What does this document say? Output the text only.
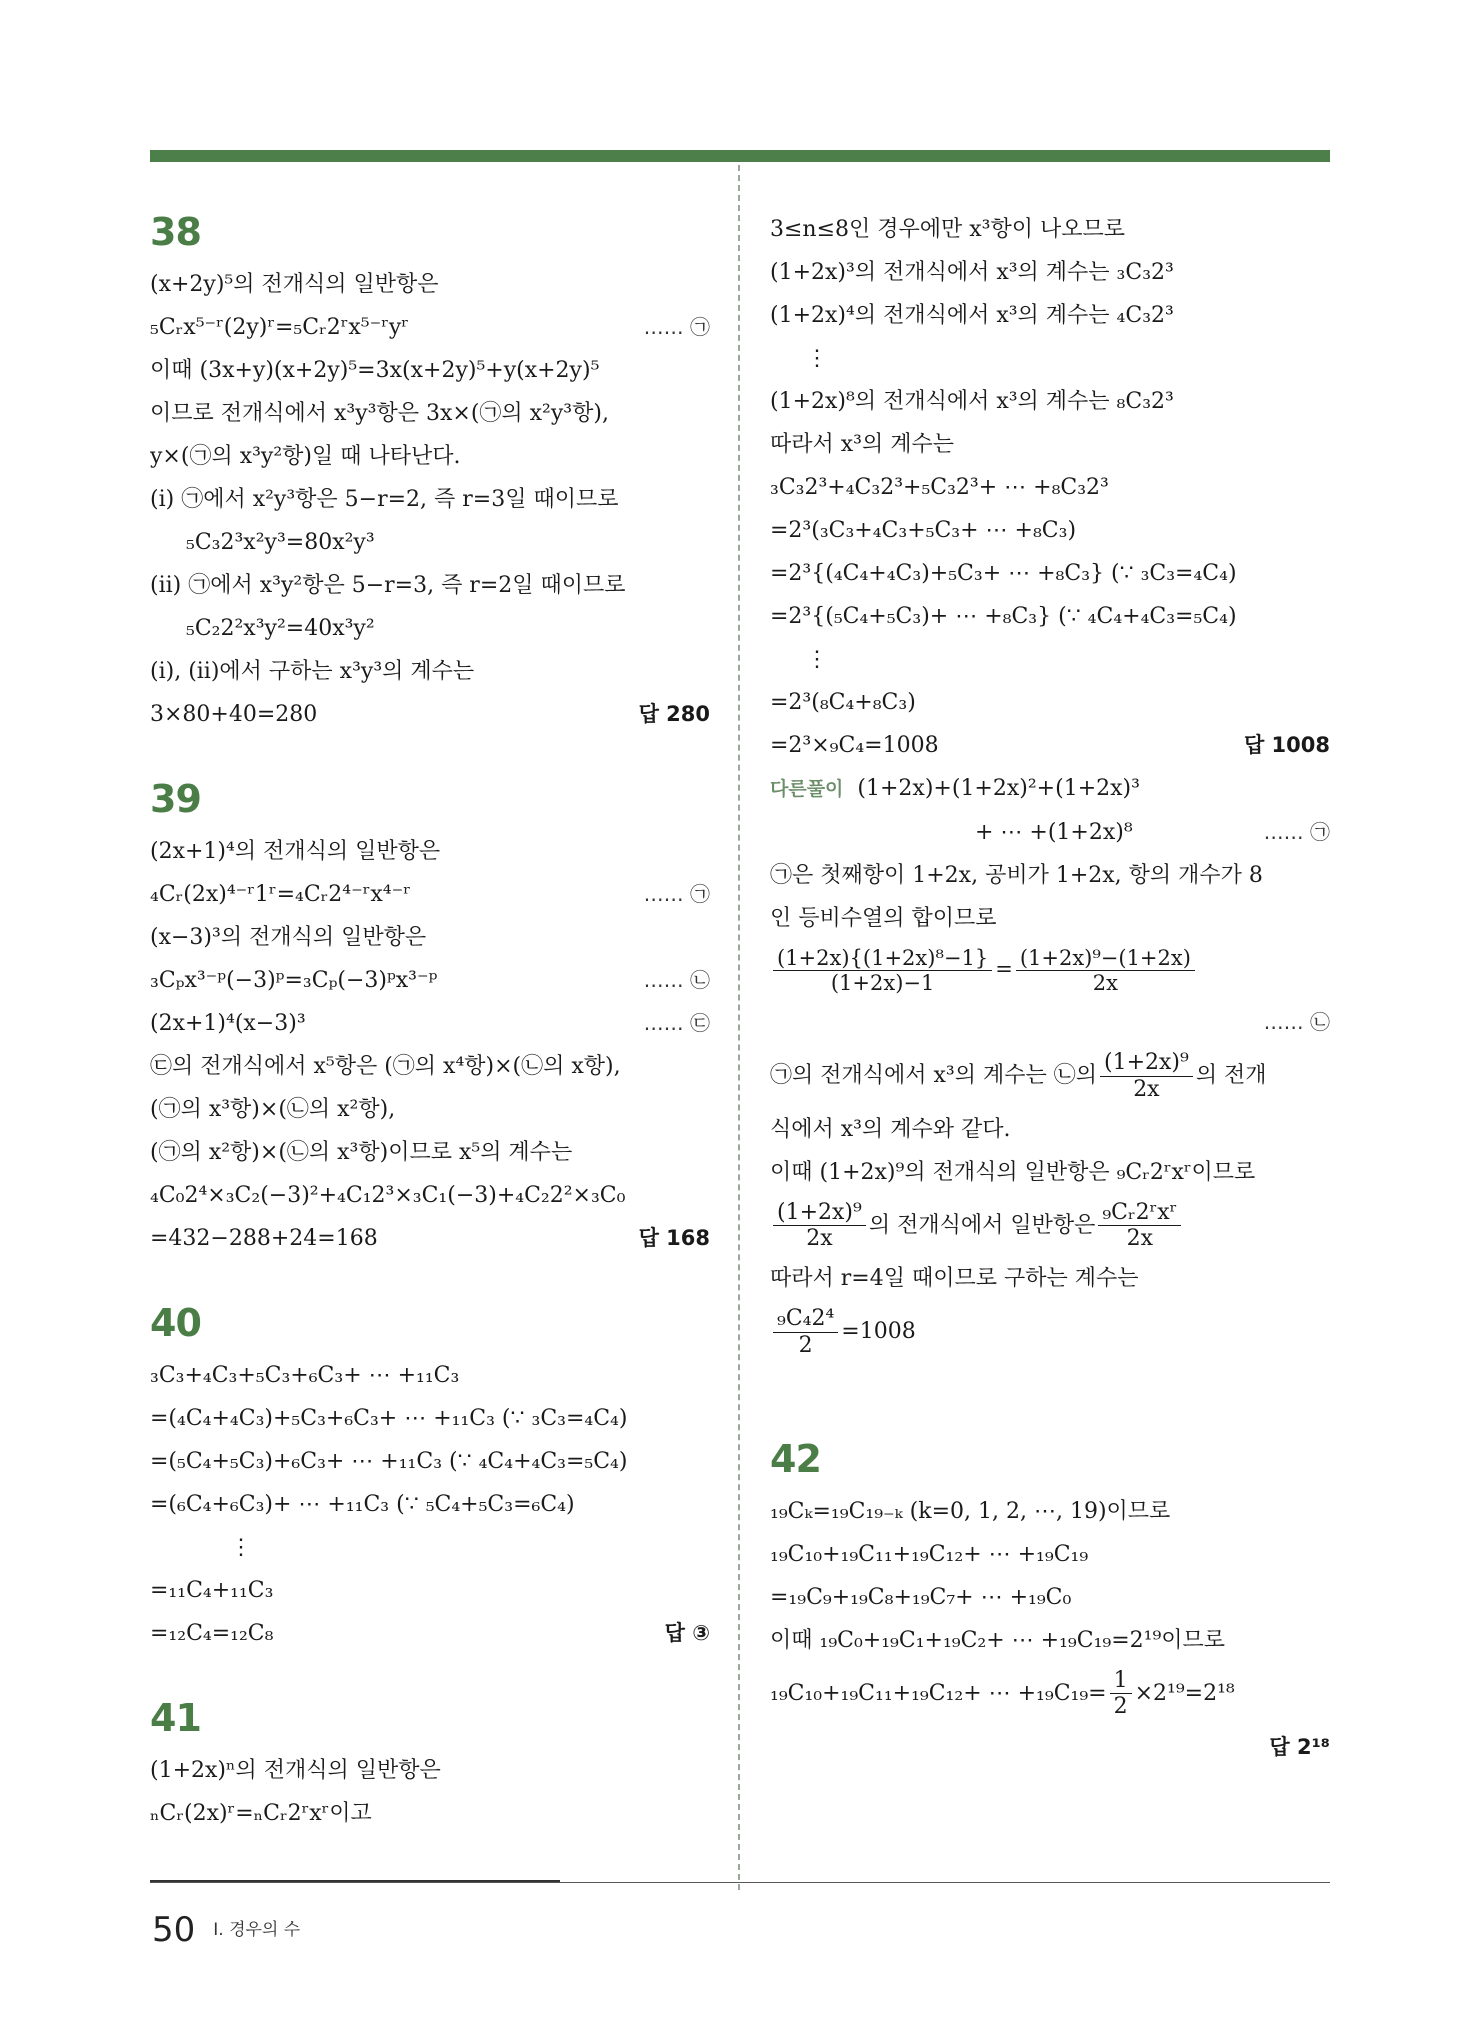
38
(x+2y)⁵의 전개식의 일반항은
₅Cᵣx⁵⁻ʳ(2y)ʳ=₅Cᵣ2ʳx⁵⁻ʳyʳ	…… ㉠
이때 (3x+y)(x+2y)⁵=3x(x+2y)⁵+y(x+2y)⁵
이므로 전개식에서 x³y³항은 3x×(㉠의 x²y³항),
y×(㉠의 x³y²항)일 때 나타난다.
(ⅰ) ㉠에서 x²y³항은 5−r=2, 즉 r=3일 때이므로
₅C₃2³x²y³=80x²y³
(ⅱ) ㉠에서 x³y²항은 5−r=3, 즉 r=2일 때이므로
₅C₂2²x³y²=40x³y²
(ⅰ), (ⅱ)에서 구하는 x³y³의 계수는
3×80+40=280	답 280
39
(2x+1)⁴의 전개식의 일반항은
₄Cᵣ(2x)⁴⁻ʳ1ʳ=₄Cᵣ2⁴⁻ʳx⁴⁻ʳ	…… ㉠
(x−3)³의 전개식의 일반항은
₃Cₚx³⁻ᵖ(−3)ᵖ=₃Cₚ(−3)ᵖx³⁻ᵖ	…… ㉡
(2x+1)⁴(x−3)³	…… ㉢
㉢의 전개식에서 x⁵항은 (㉠의 x⁴항)×(㉡의 x항),
(㉠의 x³항)×(㉡의 x²항),
(㉠의 x²항)×(㉡의 x³항)이므로 x⁵의 계수는
₄C₀2⁴×₃C₂(−3)²+₄C₁2³×₃C₁(−3)+₄C₂2²×₃C₀
=432−288+24=168	답 168
40
₃C₃+₄C₃+₅C₃+₆C₃+ ⋯ +₁₁C₃
=(₄C₄+₄C₃)+₅C₃+₆C₃+ ⋯ +₁₁C₃ (∵ ₃C₃=₄C₄)
=(₅C₄+₅C₃)+₆C₃+ ⋯ +₁₁C₃ (∵ ₄C₄+₄C₃=₅C₄)
=(₆C₄+₆C₃)+ ⋯ +₁₁C₃ (∵ ₅C₄+₅C₃=₆C₄)
⋮
=₁₁C₄+₁₁C₃
=₁₂C₄=₁₂C₈	답 ③
41
(1+2x)ⁿ의 전개식의 일반항은
ₙCᵣ(2x)ʳ=ₙCᵣ2ʳxʳ이고
3≤n≤8인 경우에만 x³항이 나오므로
(1+2x)³의 전개식에서 x³의 계수는 ₃C₃2³
(1+2x)⁴의 전개식에서 x³의 계수는 ₄C₃2³
⋮
(1+2x)⁸의 전개식에서 x³의 계수는 ₈C₃2³
따라서 x³의 계수는
₃C₃2³+₄C₃2³+₅C₃2³+ ⋯ +₈C₃2³
=2³(₃C₃+₄C₃+₅C₃+ ⋯ +₈C₃)
=2³{(₄C₄+₄C₃)+₅C₃+ ⋯ +₈C₃} (∵ ₃C₃=₄C₄)
=2³{(₅C₄+₅C₃)+ ⋯ +₈C₃} (∵ ₄C₄+₄C₃=₅C₄)
⋮
=2³(₈C₄+₈C₃)
=2³×₉C₄=1008	답 1008
다른풀이 (1+2x)+(1+2x)²+(1+2x)³
+ ⋯ +(1+2x)⁸	…… ㉠
㉠은 첫째항이 1+2x, 공비가 1+2x, 항의 개수가 8
인 등비수열의 합이므로
$\frac{\text{(1+2x)\{(1+2x)⁸−1\}}}{(1+2x)-1} = \frac{\text{(1+2x)⁹−(1+2x)}}{2x}$
…… ㉡

㉠의 전개식에서 x³의 계수는 ㉡의 $\frac{\text{(1+2x)⁹}}{2x}$ 의 전개
식에서 x³의 계수와 같다.
이때 (1+2x)⁹의 전개식의 일반항은 ₉Cᵣ2ʳxʳ이므로
$\frac{\text{(1+2x)⁹}}{2x}$ 의 전개식에서 일반항은 $\frac{\text{₉Cᵣ2ʳxʳ}}{2x}$
따라서 r=4일 때이므로 구하는 계수는
$\frac{\text{₉C₄2⁴}}{2} =1008$
42
₁₉Cₖ=₁₉C₁₉₋ₖ (k=0, 1, 2, ⋯, 19)이므로
₁₉C₁₀+₁₉C₁₁+₁₉C₁₂+ ⋯ +₁₉C₁₉
=₁₉C₉+₁₉C₈+₁₉C₇+ ⋯ +₁₉C₀
이때 ₁₉C₀+₁₉C₁+₁₉C₂+ ⋯ +₁₉C₁₉=2¹⁹이므로
₁₉C₁₀+₁₉C₁₁+₁₉C₁₂+ ⋯ $+_{19}C_{19}= \frac{1}{2} \times 2^{19}=2^{18}$

답 2¹⁸
50 Ⅰ. 경우의 수
